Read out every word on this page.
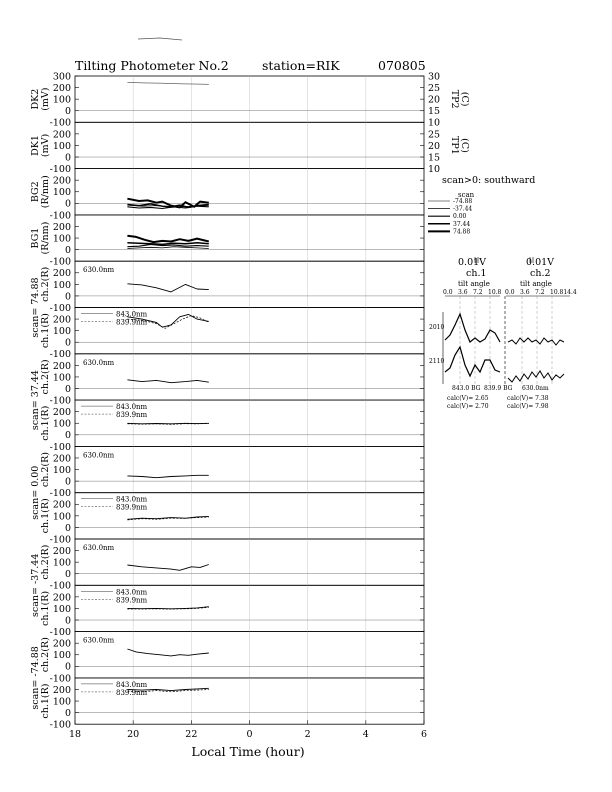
Tilting Photometer No.2	station=RIK	070805
300
200
100
0
-100
DK2 (mV)
30
25
20
15
10
TP2 (C)
200
100
0
-100
DK1 (mV)	25
20
15
10
TP1 (C)
200
100
0
-100
BG2 (R/nm)
200
100
0
-100
BG1 (R/nm)
200
100
0
-100
ch.2(R)	630.0nm
200
100
0
-100
ch.1(R)	843.0nm
839.9nm
200
100
0
-100
ch.2(R)	630.0nm
200
100
0
-100
ch.1(R)	843.0nm
839.9nm
200
100
0
-100
ch.2(R)	630.0nm
200
100
0
-100
ch.1(R)	843.0nm
839.9nm
200
100
0
-100
ch.2(R)	630.0nm
200
100
0
-100
ch.1(R)	843.0nm
839.9nm
200
100
0
-100
ch.2(R)	630.0nm
200
100
0
-100
ch.1(R)	843.0nm
839.9nm
scan= 74.88
scan= 37.44
scan= 0.00
scan= -37.44
scan= -74.88
18	20	22	0	2	4	6
Local Time (hour)
scan>0: southward
scan
-74.88
-37.44
0.00
37.44
74.88
0.01V	0.01V
ch.1	ch.2
tilt angle	tilt angle
0.0 3.6 7.2 10.8 0.0 3.6 7.2 10.814.4
2010
2110
843.0 BG 839.9 BG 630.0nm
calc(V)= 2.65
calc(V)= 2.70
calc(V)= 7.38
calc(V)= 7.98
